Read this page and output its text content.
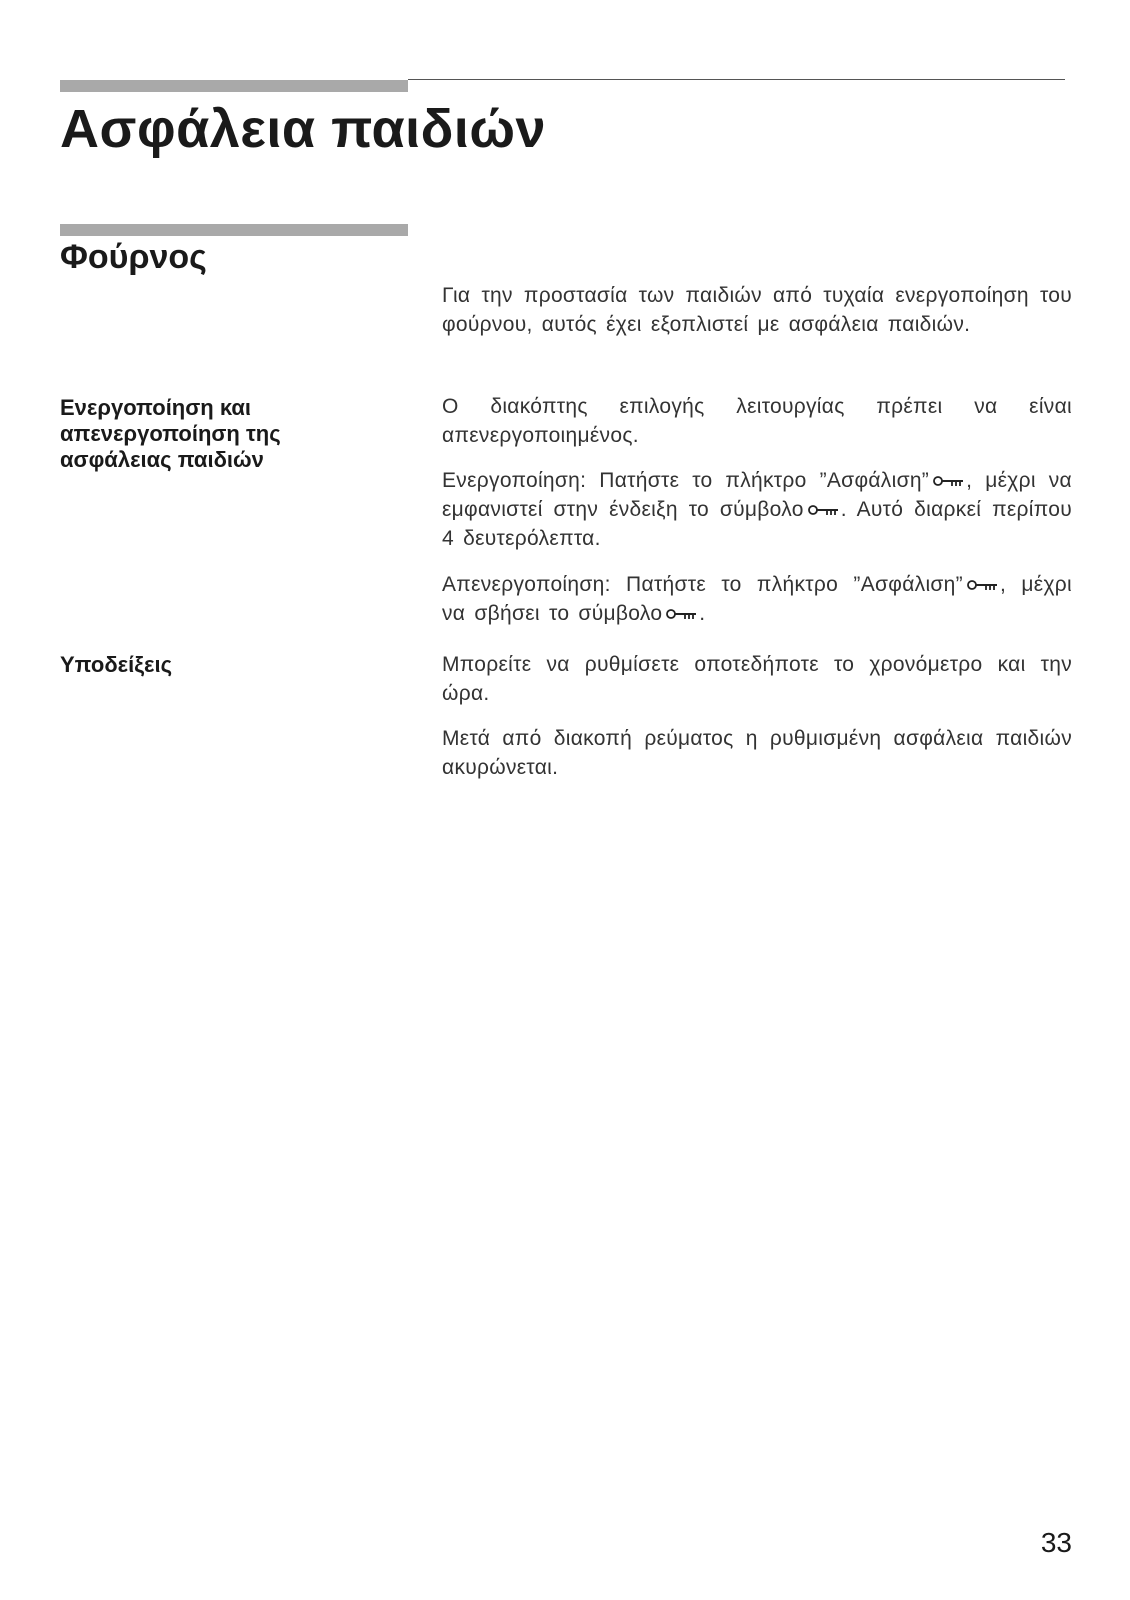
Ασφάλεια παιδιών
Φούρνος

Για την προστασία των παιδιών από τυχαία ενεργοποίηση του φούρνου, αυτός έχει εξοπλιστεί με ασφάλεια παιδιών.

Ενεργοποίηση και απενεργοποίηση της ασφάλειας παιδιών

Ο διακόπτης επιλογής λειτουργίας πρέπει να είναι απενεργοποιημένος.

Ενεργοποίηση: Πατήστε το πλήκτρο ”Ασφάλιση” , μέχρι να εμφανιστεί στην ένδειξη το σύμβολο . Αυτό διαρκεί περίπου 4 δευτερόλεπτα.

Απενεργοποίηση: Πατήστε το πλήκτρο ”Ασφάλιση” , μέχρι να σβήσει το σύμβολο .

Υποδείξεις	Μπορείτε να ρυθμίσετε οποτεδήποτε το χρονόμετρο και την ώρα.

Μετά από διακοπή ρεύματος η ρυθμισμένη ασφάλεια παιδιών ακυρώνεται.

33
